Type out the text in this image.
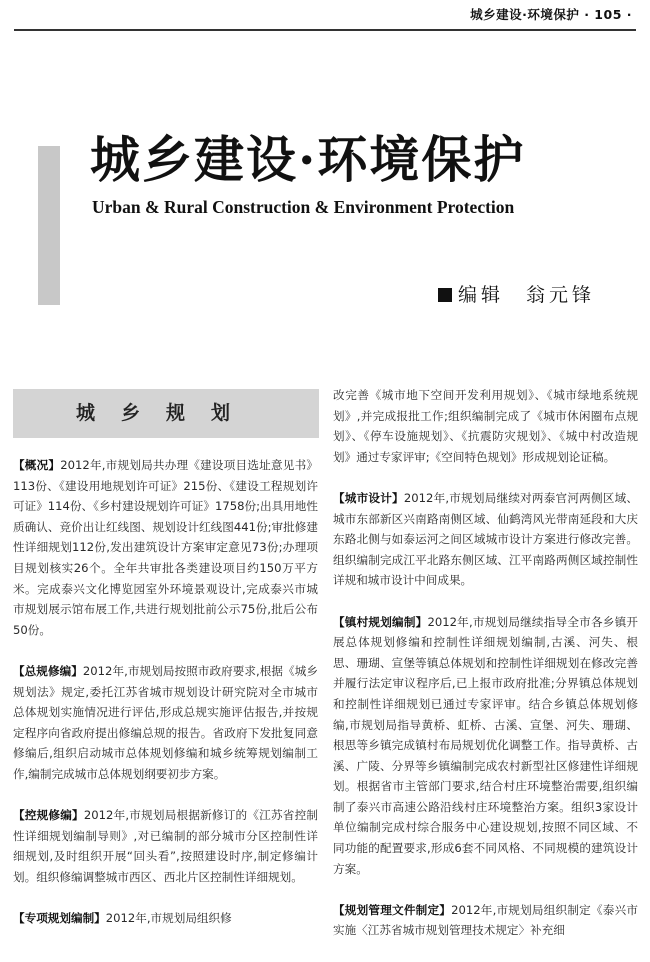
城乡建设·环境保护 · 105 ·
城乡建设·环境保护
Urban & Rural Construction & Environment Protection
编辑 翁元锋
城乡规划

【概况】2012年,市规划局共办理《建设项目选址意见书》113份、《建设用地规划许可证》215份、《建设工程规划许可证》114份、《乡村建设规划许可证》1758份;出具用地性质确认、竞价出让红线图、规划设计红线图441份;审批修建性详细规划112份,发出建筑设计方案审定意见73份;办理项目规划核实26个。全年共审批各类建设项目约150万平方米。完成泰兴文化博览园室外环境景观设计,完成泰兴市城市规划展示馆布展工作,共进行规划批前公示75份,批后公布50份。

【总规修编】2012年,市规划局按照市政府要求,根据《城乡规划法》规定,委托江苏省城市规划设计研究院对全市城市总体规划实施情况进行评估,形成总规实施评估报告,并按规定程序向省政府提出修编总规的报告。省政府下发批复同意修编后,组织启动城市总体规划修编和城乡统筹规划编制工作,编制完成城市总体规划纲要初步方案。

【控规修编】2012年,市规划局根据新修订的《江苏省控制性详细规划编制导则》,对已编制的部分城市分区控制性详细规划,及时组织开展“回头看”,按照建设时序,制定修编计划。组织修编调整城市西区、西北片区控制性详细规划。

【专项规划编制】2012年,市规划局组织修

改完善《城市地下空间开发利用规划》、《城市绿地系统规划》,并完成报批工作;组织编制完成了《城市休闲圈布点规划》、《停车设施规划》、《抗震防灾规划》、《城中村改造规划》通过专家评审;《空间特色规划》形成规划论证稿。

【城市设计】2012年,市规划局继续对两泰官河两侧区域、城市东部新区兴南路南侧区域、仙鹤湾风光带南延段和大庆东路北侧与如泰运河之间区域城市设计方案进行修改完善。组织编制完成江平北路东侧区域、江平南路两侧区域控制性详规和城市设计中间成果。

【镇村规划编制】2012年,市规划局继续指导全市各乡镇开展总体规划修编和控制性详细规划编制,古溪、河失、根思、珊瑚、宣堡等镇总体规划和控制性详细规划在修改完善并履行法定审议程序后,已上报市政府批准;分界镇总体规划和控制性详细规划已通过专家评审。结合乡镇总体规划修编,市规划局指导黄桥、虹桥、古溪、宣堡、河失、珊瑚、根思等乡镇完成镇村布局规划优化调整工作。指导黄桥、古溪、广陵、分界等乡镇编制完成农村新型社区修建性详细规划。根据省市主管部门要求,结合村庄环境整治需要,组织编制了泰兴市高速公路沿线村庄环境整治方案。组织3家设计单位编制完成村综合服务中心建设规划,按照不同区域、不同功能的配置要求,形成6套不同风格、不同规模的建筑设计方案。

【规划管理文件制定】2012年,市规划局组织制定《泰兴市实施〈江苏省城市规划管理技术规定〉补充细
